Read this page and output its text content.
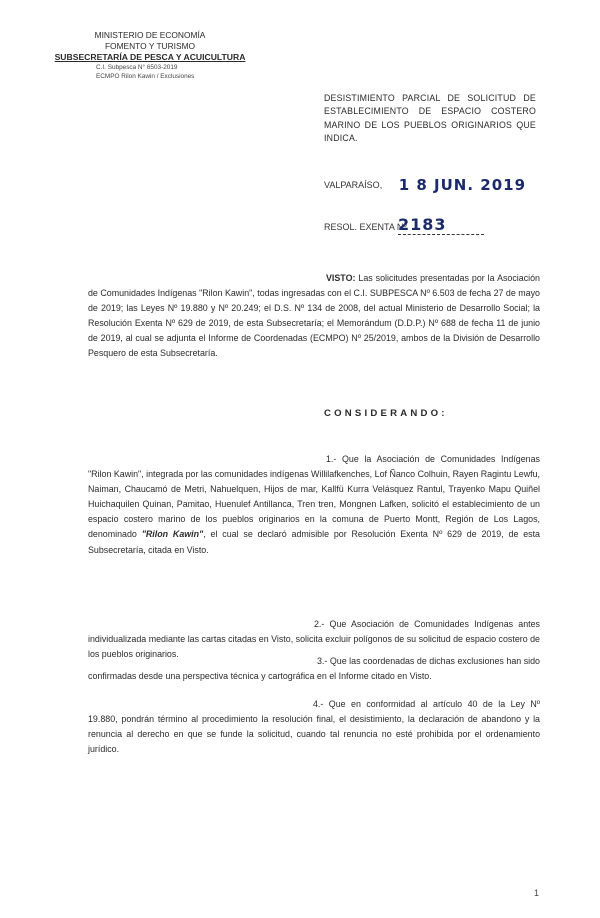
MINISTERIO DE ECONOMÍA
FOMENTO Y TURISMO
SUBSECRETARÍA DE PESCA Y ACUICULTURA
C.I. Subpesca N° 6503-2019
ECMPO Rilon Kawin / Exclusiones
DESISTIMIENTO PARCIAL DE SOLICITUD DE ESTABLECIMIENTO DE ESPACIO COSTERO MARINO DE LOS PUEBLOS ORIGINARIOS QUE INDICA.
VALPARAÍSO, 1 8 JUN. 2019
RESOL. EXENTA Nº
2183
VISTO: Las solicitudes presentadas por la Asociación de Comunidades Indígenas "Rilon Kawin", todas ingresadas con el C.I. SUBPESCA Nº 6.503 de fecha 27 de mayo de 2019; las Leyes Nº 19.880 y Nº 20.249; el D.S. Nº 134 de 2008, del actual Ministerio de Desarrollo Social; la Resolución Exenta Nº 629 de 2019, de esta Subsecretaría; el Memorándum (D.D.P.) Nº 688 de fecha 11 de junio de 2019, al cual se adjunta el Informe de Coordenadas (ECMPO) Nº 25/2019, ambos de la División de Desarrollo Pesquero de esta Subsecretaría.
CONSIDERANDO:
1.- Que la Asociación de Comunidades Indígenas "Rilon Kawin", integrada por las comunidades indígenas Willilafkenches, Lof Ñanco Colhuin, Rayen Ragintu Lewfu, Naiman, Chaucamó de Metri, Nahuelquen, Hijos de mar, Kallfü Kurra Velásquez Rantul, Trayenko Mapu Quiñel Huichaquilen Quinan, Pamitao, Huenulef Antillanca, Tren tren, Mongnen Lafken, solicitó el establecimiento de un espacio costero marino de los pueblos originarios en la comuna de Puerto Montt, Región de Los Lagos, denominado "Rilon Kawin", el cual se declaró admisible por Resolución Exenta Nº 629 de 2019, de esta Subsecretaría, citada en Visto.
2.- Que Asociación de Comunidades Indígenas antes individualizada mediante las cartas citadas en Visto, solicita excluir polígonos de su solicitud de espacio costero de los pueblos originarios.
3.- Que las coordenadas de dichas exclusiones han sido confirmadas desde una perspectiva técnica y cartográfica en el Informe citado en Visto.
4.- Que en conformidad al artículo 40 de la Ley Nº 19.880, pondrán término al procedimiento la resolución final, el desistimiento, la declaración de abandono y la renuncia al derecho en que se funde la solicitud, cuando tal renuncia no esté prohibida por el ordenamiento jurídico.
1
